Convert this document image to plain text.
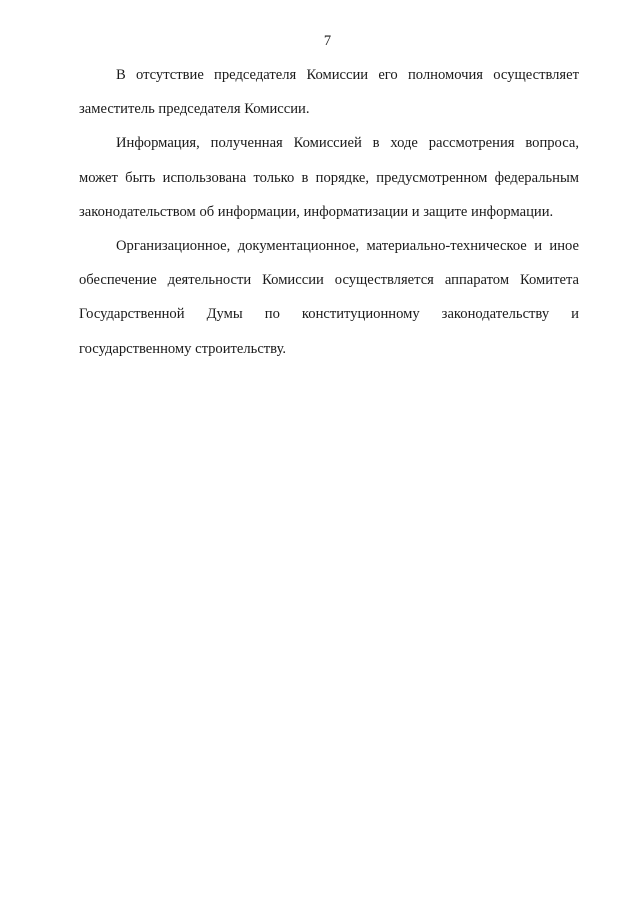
7
В отсутствие председателя Комиссии его полномочия осуществляет
заместитель председателя Комиссии.
Информация, полученная Комиссией в ходе рассмотрения вопроса,
может быть использована только в порядке, предусмотренном федеральным
законодательством об информации, информатизации и защите информации.
Организационное, документационное, материально-техническое и иное
обеспечение деятельности Комиссии осуществляется аппаратом Комитета
Государственной Думы по конституционному законодательству и
государственному строительству.
